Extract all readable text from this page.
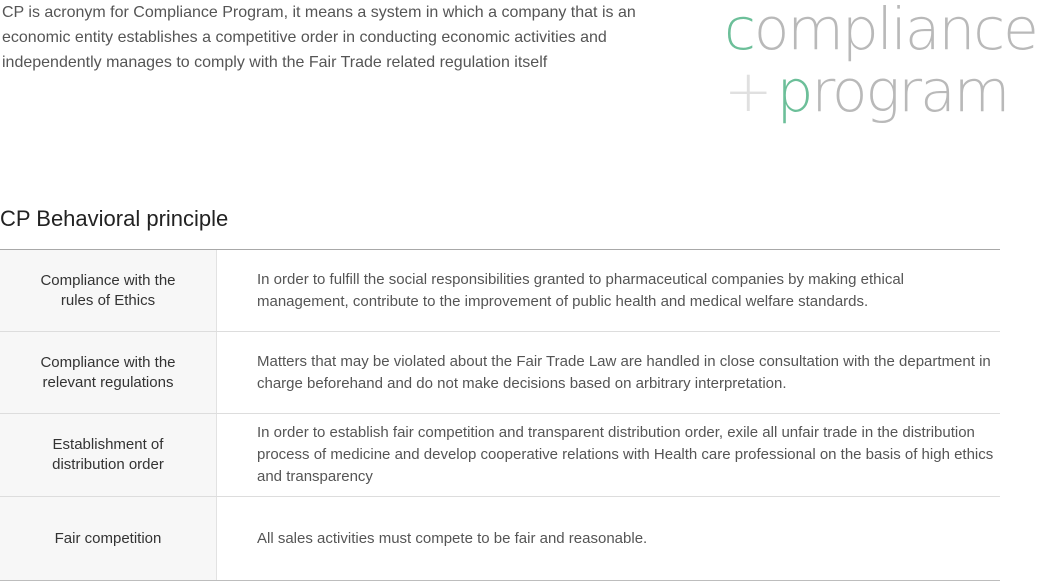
CP is acronym for Compliance Program, it means a system in which a company that is an economic entity establishes a competitive order in conducting economic activities and independently manages to comply with the Fair Trade related regulation itself	compliance
+ program
CP Behavioral principle
Compliance with the rules of Ethics
In order to fulfill the social responsibilities granted to pharmaceutical companies by making ethical management, contribute to the improvement of public health and medical welfare standards.
Compliance with the relevant regulations
Matters that may be violated about the Fair Trade Law are handled in close consultation with the department in charge beforehand and do not make decisions based on arbitrary interpretation.
Establishment of distribution order
In order to establish fair competition and transparent distribution order, exile all unfair trade in the distribution process of medicine and develop cooperative relations with Health care professional on the basis of high ethics and transparency
Fair competition	All sales activities must compete to be fair and reasonable.
